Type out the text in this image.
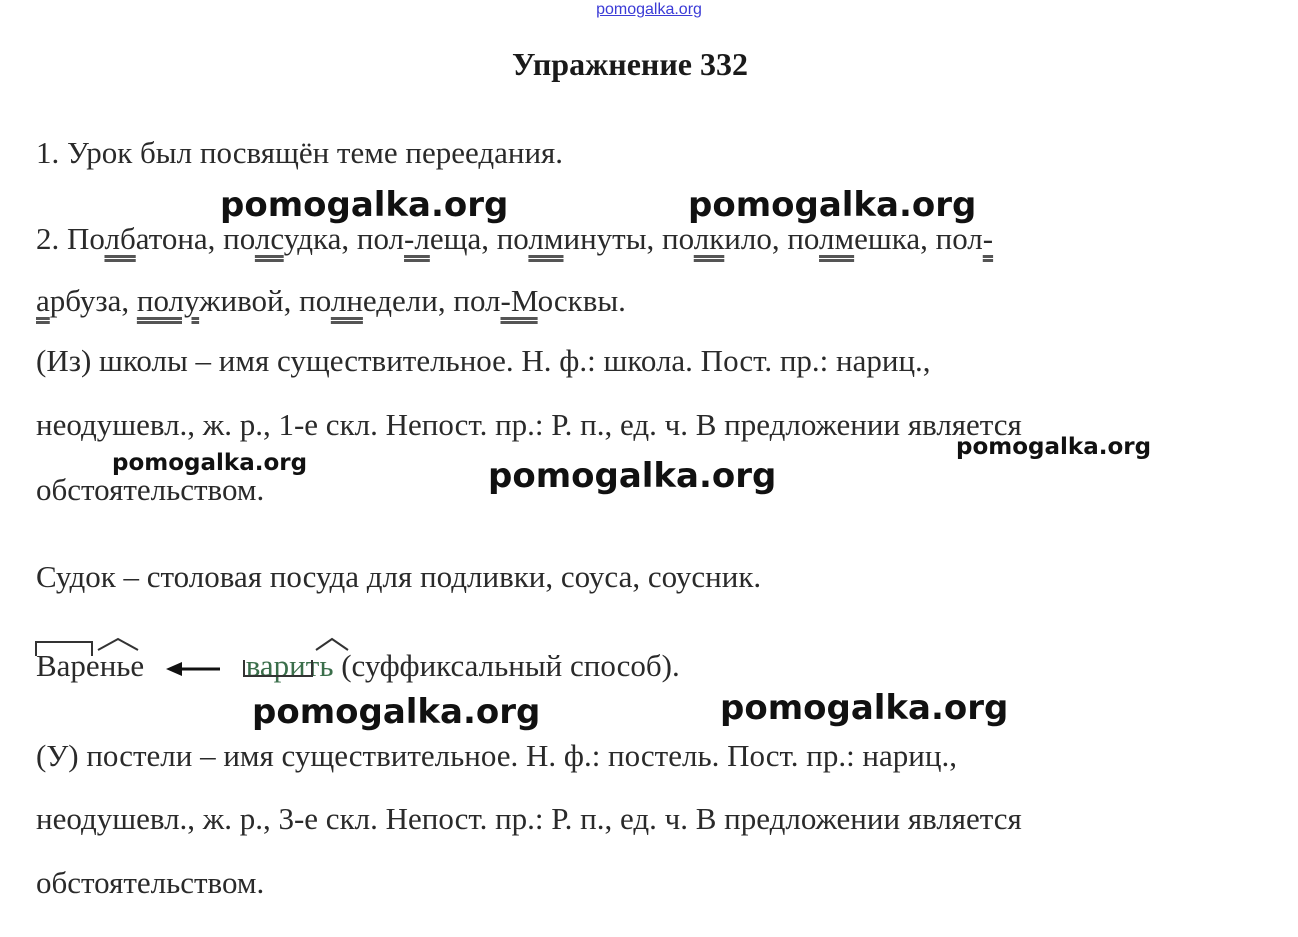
pomogalka.org
Упражнение 332
1. Урок был посвящён теме переедания.
2. Полбатона, полсудка, пол-леща, полминуты, полкило, полмешка, пол-
арбуза, полуживой, полнедели, пол-Москвы.
(Из) школы – имя существительное. Н. ф.: школа. Пост. пр.: нариц.,
неодушевл., ж. р., 1-е скл. Непост. пр.: Р. п., ед. ч. В предложении является
обстоятельством.
Судок – столовая посуда для подливки, соуса, соусник.
Варенье	варить (суффиксальный способ).
(У) постели – имя существительное. Н. ф.: постель. Пост. пр.: нариц.,
неодушевл., ж. р., 3-е скл. Непост. пр.: Р. п., ед. ч. В предложении является
обстоятельством.
pomogalka.org	pomogalka.org
pomogalka.org	pomogalka.org
pomogalka.org
pomogalka.org	pomogalka.org
